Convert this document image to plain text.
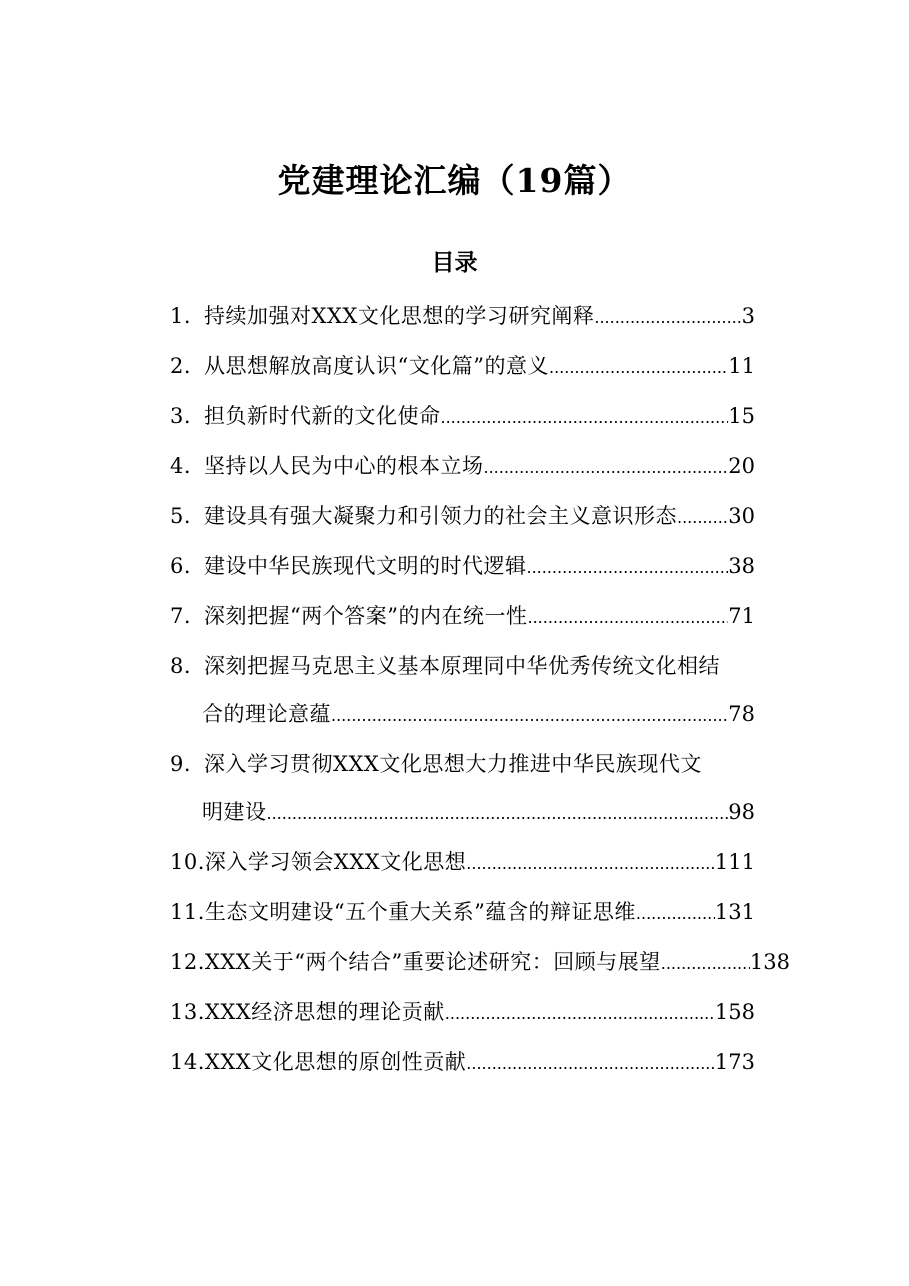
党建理论汇编（19篇）
目录
1. 持续加强对XXX文化思想的学习研究阐释 .....	3
2. 从思想解放高度认识“文化篇”的意义 .....	11
3. 担负新时代新的文化使命 .....	15
4. 坚持以人民为中心的根本立场 .....	20
5. 建设具有强大凝聚力和引领力的社会主义意识形态 ..... 30
6. 建设中华民族现代文明的时代逻辑 .....	38
7. 深刻把握“两个答案”的内在统一性 .....	71
8. 深刻把握马克思主义基本原理同中华优秀传统文化相结
合的理论意蕴 .....	78
9. 深入学习贯彻XXX文化思想大力推进中华民族现代文
明建设 .....	98
10. 深入学习领会XXX文化思想 .....	111
11. 生态文明建设“五个重大关系”蕴含的辩证思维 .....	131
12. XXX关于“两个结合”重要论述研究：回顾与展望 .....	138
13. XXX经济思想的理论贡献 .....	158
14. XXX文化思想的原创性贡献 .....	173
